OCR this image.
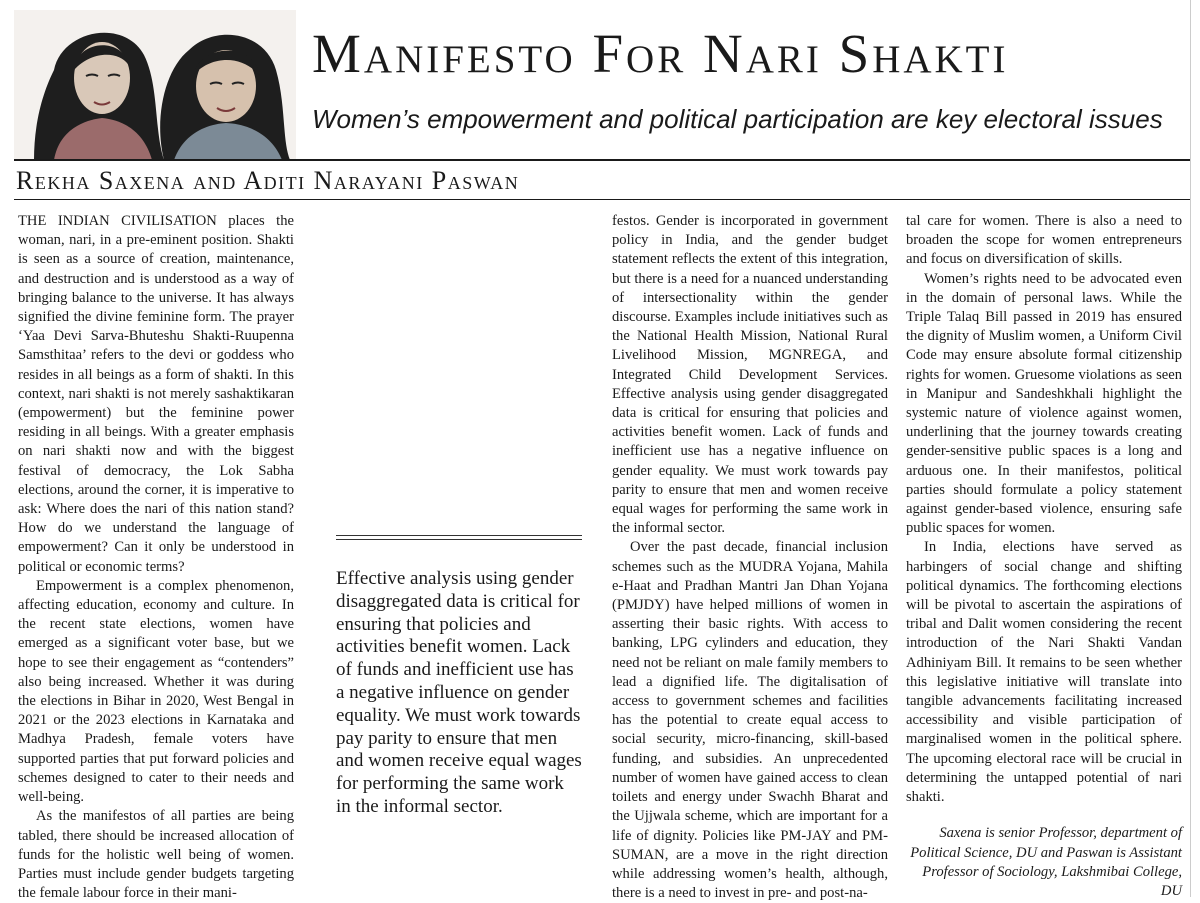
Manifesto For Nari Shakti
Women’s empowerment and political participation are key electoral issues
Rekha Saxena and Aditi Narayani Paswan

THE INDIAN CIVILISATION places the woman, nari, in a pre-eminent position. Shakti is seen as a source of creation, maintenance, and destruction and is understood as a way of bringing balance to the universe. It has always signified the divine feminine form. The prayer ‘Yaa Devi Sarva-Bhuteshu Shakti-Ruupenna Samsthitaa’ refers to the devi or goddess who resides in all beings as a form of shakti. In this context, nari shakti is not merely sashaktikaran (empowerment) but the feminine power residing in all beings. With a greater emphasis on nari shakti now and with the biggest festival of democracy, the Lok Sabha elections, around the corner, it is imperative to ask: Where does the nari of this nation stand? How do we understand the language of empowerment? Can it only be understood in political or economic terms?

Empowerment is a complex phenomenon, affecting education, economy and culture. In the recent state elections, women have emerged as a significant voter base, but we hope to see their engagement as “contenders” also being increased. Whether it was during the elections in Bihar in 2020, West Bengal in 2021 or the 2023 elections in Karnataka and Madhya Pradesh, female voters have supported parties that put forward policies and schemes designed to cater to their needs and well-being.

As the manifestos of all parties are being tabled, there should be increased allocation of funds for the holistic well being of women. Parties must include gender budgets targeting the female labour force in their mani-

Effective analysis using gender disaggregated data is critical for ensuring that policies and activities benefit women. Lack of funds and inefficient use has a negative influence on gender equality. We must work towards pay parity to ensure that men and women receive equal wages for performing the same work in the informal sector.

festos. Gender is incorporated in government policy in India, and the gender budget statement reflects the extent of this integration, but there is a need for a nuanced understanding of intersectionality within the gender discourse. Examples include initiatives such as the National Health Mission, National Rural Livelihood Mission, MGNREGA, and Integrated Child Development Services. Effective analysis using gender disaggregated data is critical for ensuring that policies and activities benefit women. Lack of funds and inefficient use has a negative influence on gender equality. We must work towards pay parity to ensure that men and women receive equal wages for performing the same work in the informal sector.

Over the past decade, financial inclusion schemes such as the MUDRA Yojana, Mahila e-Haat and Pradhan Mantri Jan Dhan Yojana (PMJDY) have helped millions of women in asserting their basic rights. With access to banking, LPG cylinders and education, they need not be reliant on male family members to lead a dignified life. The digitalisation of access to government schemes and facilities has the potential to create equal access to social security, micro-financing, skill-based funding, and subsidies. An unprecedented number of women have gained access to clean toilets and energy under Swachh Bharat and the Ujjwala scheme, which are important for a life of dignity. Policies like PM-JAY and PM-SUMAN, are a move in the right direction while addressing women’s health, although, there is a need to invest in pre- and post-na-

tal care for women. There is also a need to broaden the scope for women entrepreneurs and focus on diversification of skills.

Women’s rights need to be advocated even in the domain of personal laws. While the Triple Talaq Bill passed in 2019 has ensured the dignity of Muslim women, a Uniform Civil Code may ensure absolute formal citizenship rights for women. Gruesome violations as seen in Manipur and Sandeshkhali highlight the systemic nature of violence against women, underlining that the journey towards creating gender-sensitive public spaces is a long and arduous one. In their manifestos, political parties should formulate a policy statement against gender-based violence, ensuring safe public spaces for women.

In India, elections have served as harbingers of social change and shifting political dynamics. The forthcoming elections will be pivotal to ascertain the aspirations of tribal and Dalit women considering the recent introduction of the Nari Shakti Vandan Adhiniyam Bill. It remains to be seen whether this legislative initiative will translate into tangible advancements facilitating increased accessibility and visible participation of marginalised women in the political sphere. The upcoming electoral race will be crucial in determining the untapped potential of nari shakti.

Saxena is senior Professor, department of Political Science, DU and Paswan is Assistant Professor of Sociology, Lakshmibai College, DU
